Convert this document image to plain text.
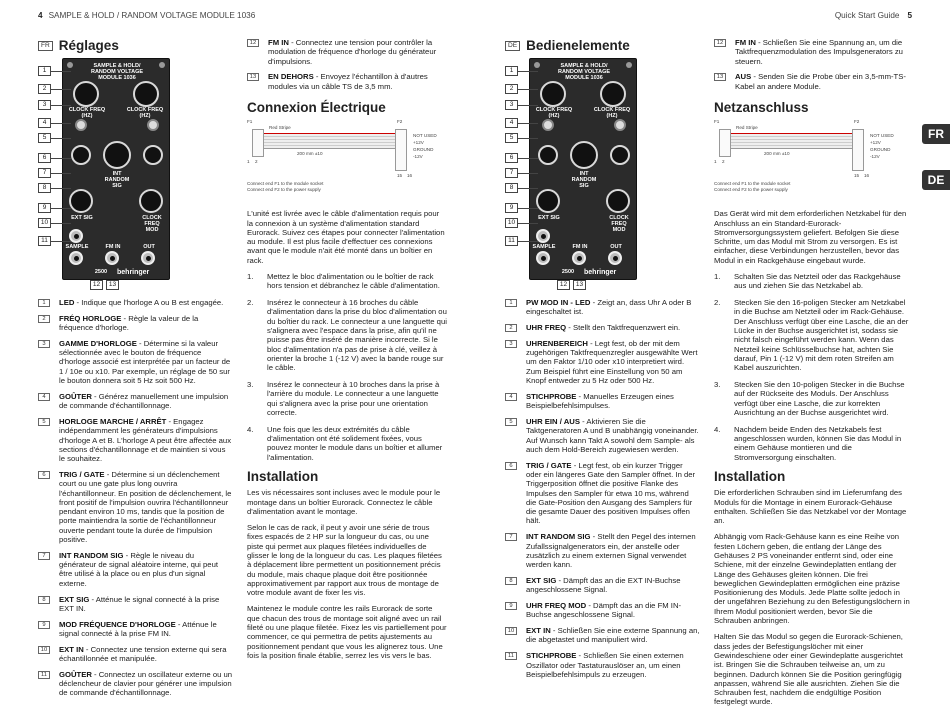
4 SAMPLE & HOLD / RANDOM VOLTAGE MODULE 1036	Quick Start Guide 5
FR
DE
FR Réglages
SAMPLE & HOLD/
RANDOM VOLTAGE
MODULE 1036
CLOCK FREQ (HZ)
CLOCK FREQ (HZ)
INT
RANDOM
SIG
EXT SIG	CLOCK
FREQ
MOD
SAMPLE	FM IN	OUT
behringer
2500
1
2
3
4
5
6
7
8
9
10
11
12	13
1	LED - Indique que l'horloge A ou B est engagée.
2	FRÉQ HORLOGE - Règle la valeur de la fréquence d'horloge.
3	GAMME D'HORLOGE - Détermine si la valeur sélectionnée avec le bouton de fréquence d'horloge associé est interprétée par un facteur de 1 / 10e ou x10. Par exemple, un réglage de 50 sur le bouton donnera soit 5 Hz soit 500 Hz.
4	GOÛTER - Générez manuellement une impulsion de commande d'échantillonnage.
5	HORLOGE MARCHE / ARRÊT - Engagez indépendamment les générateurs d'impulsions d'horloge A et B. L'horloge A peut être affectée aux sections d'échantillonnage et de maintien si vous le souhaitez.
6	TRIG / GATE - Détermine si un déclenchement court ou une gate plus long ouvrira l'échantillonneur. En position de déclenchement, le front positif de l'impulsion ouvrira l'échantillonneur pendant environ 10 ms, tandis que la position de porte maintiendra la sortie de l'échantillonneur ouverte pendant toute la durée de l'impulsion positive.
7	INT RANDOM SIG - Règle le niveau du générateur de signal aléatoire interne, qui peut être utilisé à la place ou en plus d'un signal externe.
8	EXT SIG - Atténue le signal connecté à la prise EXT IN.
9	MOD FRÉQUENCE D'HORLOGE - Atténue le signal connecté à la prise FM IN.
10	EXT IN - Connectez une tension externe qui sera échantillonnée et manipulée.
11	GOÛTER - Connectez un oscillateur externe ou un déclencheur de clavier pour générer une impulsion de commande d'échantillonnage.
12	FM IN - Connectez une tension pour contrôler la modulation de fréquence d'horloge du générateur d'impulsions.
13	EN DEHORS - Envoyez l'échantillon à d'autres modules via un câble TS de 3,5 mm.
Connexion Électrique
F1	F2
Red Stripe
200 mm ±10
1 2
15 16
NOT USED
+12V
GROUND
-12V
Connect end F1 to the module socket
Connect end F2 to the power supply

L'unité est livrée avec le câble d'alimentation requis pour la connexion à un système d'alimentation standard Eurorack. Suivez ces étapes pour connecter l'alimentation au module. Il est plus facile d'effectuer ces connexions avant que le module n'ait été monté dans un boîtier en rack.

1.	Mettez le bloc d'alimentation ou le boîtier de rack hors tension et débranchez le câble d'alimentation.
2.	Insérez le connecteur à 16 broches du câble d'alimentation dans la prise du bloc d'alimentation ou du boîtier du rack. Le connecteur a une languette qui s'alignera avec l'espace dans la prise, afin qu'il ne puisse pas être inséré de manière incorrecte. Si le bloc d'alimentation n'a pas de prise à clé, veillez à orienter la broche 1 (-12 V) avec la bande rouge sur le câble.
3.	Insérez le connecteur à 10 broches dans la prise à l'arrière du module. Le connecteur a une languette qui s'alignera avec la prise pour une orientation correcte.
4.	Une fois que les deux extrémités du câble d'alimentation ont été solidement fixées, vous pouvez monter le module dans un boîtier et allumer l'alimentation.
Installation

Les vis nécessaires sont incluses avec le module pour le montage dans un boîtier Eurorack. Connectez le câble d'alimentation avant le montage.

Selon le cas de rack, il peut y avoir une série de trous fixes espacés de 2 HP sur la longueur du cas, ou une piste qui permet aux plaques filetées individuelles de glisser le long de la longueur du cas. Les plaques filetées à déplacement libre permettent un positionnement précis du module, mais chaque plaque doit être positionnée approximativement par rapport aux trous de montage de votre module avant de fixer les vis.

Maintenez le module contre les rails Eurorack de sorte que chacun des trous de montage soit aligné avec un rail fileté ou une plaque filetée. Fixez les vis partiellement pour commencer, ce qui permettra de petits ajustements au positionnement pendant que vous les alignerez tous. Une fois la position finale établie, serrez les vis vers le bas.

DE Bedienelemente
SAMPLE & HOLD/
RANDOM VOLTAGE
MODULE 1036
CLOCK FREQ (HZ)
CLOCK FREQ (HZ)
INT
RANDOM
SIG
EXT SIG	CLOCK
FREQ
MOD
SAMPLE	FM IN	OUT
behringer
2500
1
2
3
4
5
6
7
8
9
10
11
12	13
1	PW MOD IN - LED - Zeigt an, dass Uhr A oder B eingeschaltet ist.
2	UHR FREQ - Stellt den Taktfrequenzwert ein.
3	UHRENBEREICH - Legt fest, ob der mit dem zugehörigen Taktfrequenzregler ausgewählte Wert um den Faktor 1/10 oder x10 interpretiert wird. Zum Beispiel führt eine Einstellung von 50 am Knopf entweder zu 5 Hz oder 500 Hz.
4	STICHPROBE - Manuelles Erzeugen eines Beispielbefehlsimpulses.
5	UHR EIN / AUS - Aktivieren Sie die Taktgeneratoren A und B unabhängig voneinander. Auf Wunsch kann Takt A sowohl dem Sample- als auch dem Hold-Bereich zugewiesen werden.
6	TRIG / GATE - Legt fest, ob ein kurzer Trigger oder ein längeres Gate den Sampler öffnet. In der Triggerposition öffnet die positive Flanke des Impulses den Sampler für etwa 10 ms, während die Gate-Position den Ausgang des Samplers für die gesamte Dauer des positiven Impulses offen hält.
7	INT RANDOM SIG - Stellt den Pegel des internen Zufallssignalgenerators ein, der anstelle oder zusätzlich zu einem externen Signal verwendet werden kann.
8	EXT SIG - Dämpft das an die EXT IN-Buchse angeschlossene Signal.
9	UHR FREQ MOD - Dämpft das an die FM IN-Buchse angeschlossene Signal.
10	EXT IN - Schließen Sie eine externe Spannung an, die abgetastet und manipuliert wird.
11	STICHPROBE - Schließen Sie einen externen Oszillator oder Tastaturauslöser an, um einen Beispielbefehlsimpuls zu erzeugen.
12	FM IN - Schließen Sie eine Spannung an, um die Taktfrequenzmodulation des Impulsgenerators zu steuern.
13	AUS - Senden Sie die Probe über ein 3,5-mm-TS-Kabel an andere Module.
Netzanschluss
F1	F2
Red Stripe
200 mm ±10
1 2
15 16
NOT USED
+12V
GROUND
-12V
Connect end F1 to the module socket
Connect end F2 to the power supply

Das Gerät wird mit dem erforderlichen Netzkabel für den Anschluss an ein Standard-Eurorack-Stromversorgungssystem geliefert. Befolgen Sie diese Schritte, um das Modul mit Strom zu versorgen. Es ist einfacher, diese Verbindungen herzustellen, bevor das Modul in ein Rackgehäuse eingebaut wurde.

1.	Schalten Sie das Netzteil oder das Rackgehäuse aus und ziehen Sie das Netzkabel ab.
2.	Stecken Sie den 16-poligen Stecker am Netzkabel in die Buchse am Netzteil oder im Rack-Gehäuse. Der Anschluss verfügt über eine Lasche, die an der Lücke in der Buchse ausgerichtet ist, sodass sie nicht falsch eingeführt werden kann. Wenn das Netzteil keine Schlüsselbuchse hat, achten Sie darauf, Pin 1 (-12 V) mit dem roten Streifen am Kabel auszurichten.
3.	Stecken Sie den 10-poligen Stecker in die Buchse auf der Rückseite des Moduls. Der Anschluss verfügt über eine Lasche, die zur korrekten Ausrichtung an der Buchse ausgerichtet wird.
4.	Nachdem beide Enden des Netzkabels fest angeschlossen wurden, können Sie das Modul in einem Gehäuse montieren und die Stromversorgung einschalten.
Installation

Die erforderlichen Schrauben sind im Lieferumfang des Moduls für die Montage in einem Eurorack-Gehäuse enthalten. Schließen Sie das Netzkabel vor der Montage an.

Abhängig vom Rack-Gehäuse kann es eine Reihe von festen Löchern geben, die entlang der Länge des Gehäuses 2 PS voneinander entfernt sind, oder eine Schiene, mit der einzelne Gewindeplatten entlang der Länge des Gehäuses gleiten können. Die frei beweglichen Gewindeplatten ermöglichen eine präzise Positionierung des Moduls. Jede Platte sollte jedoch in der ungefähren Beziehung zu den Befestigungslöchern in Ihrem Modul positioniert werden, bevor Sie die Schrauben anbringen.

Halten Sie das Modul so gegen die Eurorack-Schienen, dass jedes der Befestigungslöcher mit einer Gewindeschiene oder einer Gewindeplatte ausgerichtet ist. Bringen Sie die Schrauben teilweise an, um zu beginnen. Dadurch können Sie die Position geringfügig anpassen, während Sie alle ausrichten. Ziehen Sie die Schrauben fest, nachdem die endgültige Position festgelegt wurde.
